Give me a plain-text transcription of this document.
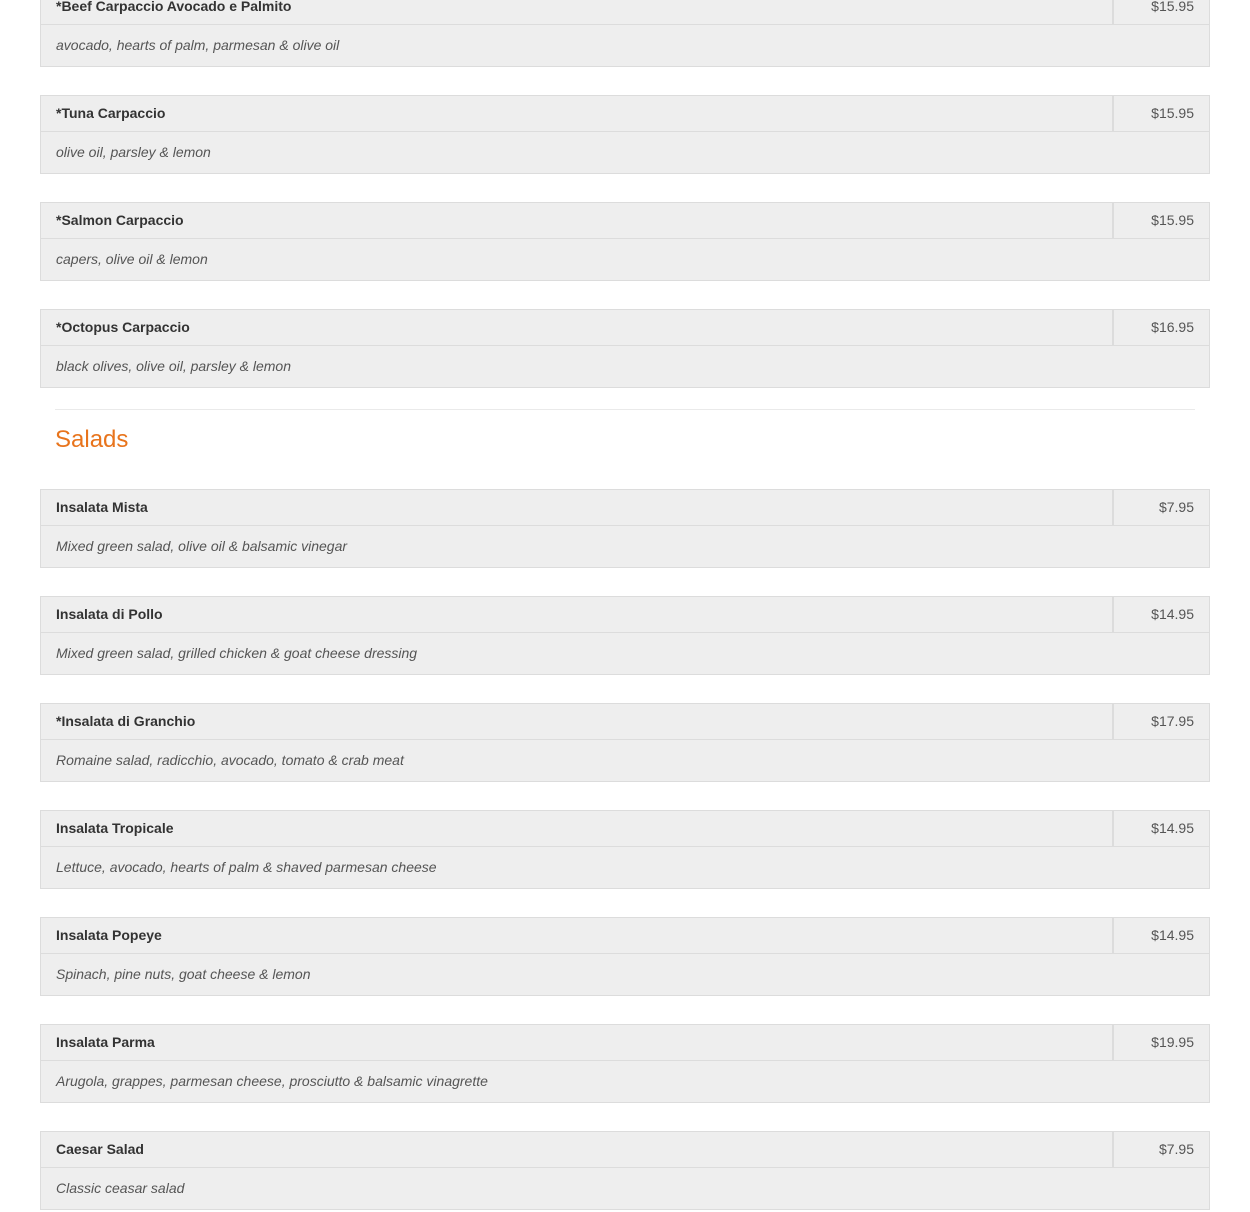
*Beef Carpaccio Avocado e Palmito	$15.95
avocado, hearts of palm, parmesan & olive oil
*Tuna Carpaccio	$15.95
olive oil, parsley & lemon
*Salmon Carpaccio	$15.95
capers, olive oil & lemon
*Octopus Carpaccio	$16.95
black olives, olive oil, parsley & lemon
Salads
Insalata Mista	$7.95
Mixed green salad, olive oil & balsamic vinegar
Insalata di Pollo	$14.95
Mixed green salad, grilled chicken & goat cheese dressing
*Insalata di Granchio	$17.95
Romaine salad, radicchio, avocado, tomato & crab meat
Insalata Tropicale	$14.95
Lettuce, avocado, hearts of palm & shaved parmesan cheese
Insalata Popeye	$14.95
Spinach, pine nuts, goat cheese & lemon
Insalata Parma	$19.95
Arugola, grappes, parmesan cheese, prosciutto & balsamic vinagrette
Caesar Salad	$7.95
Classic ceasar salad
